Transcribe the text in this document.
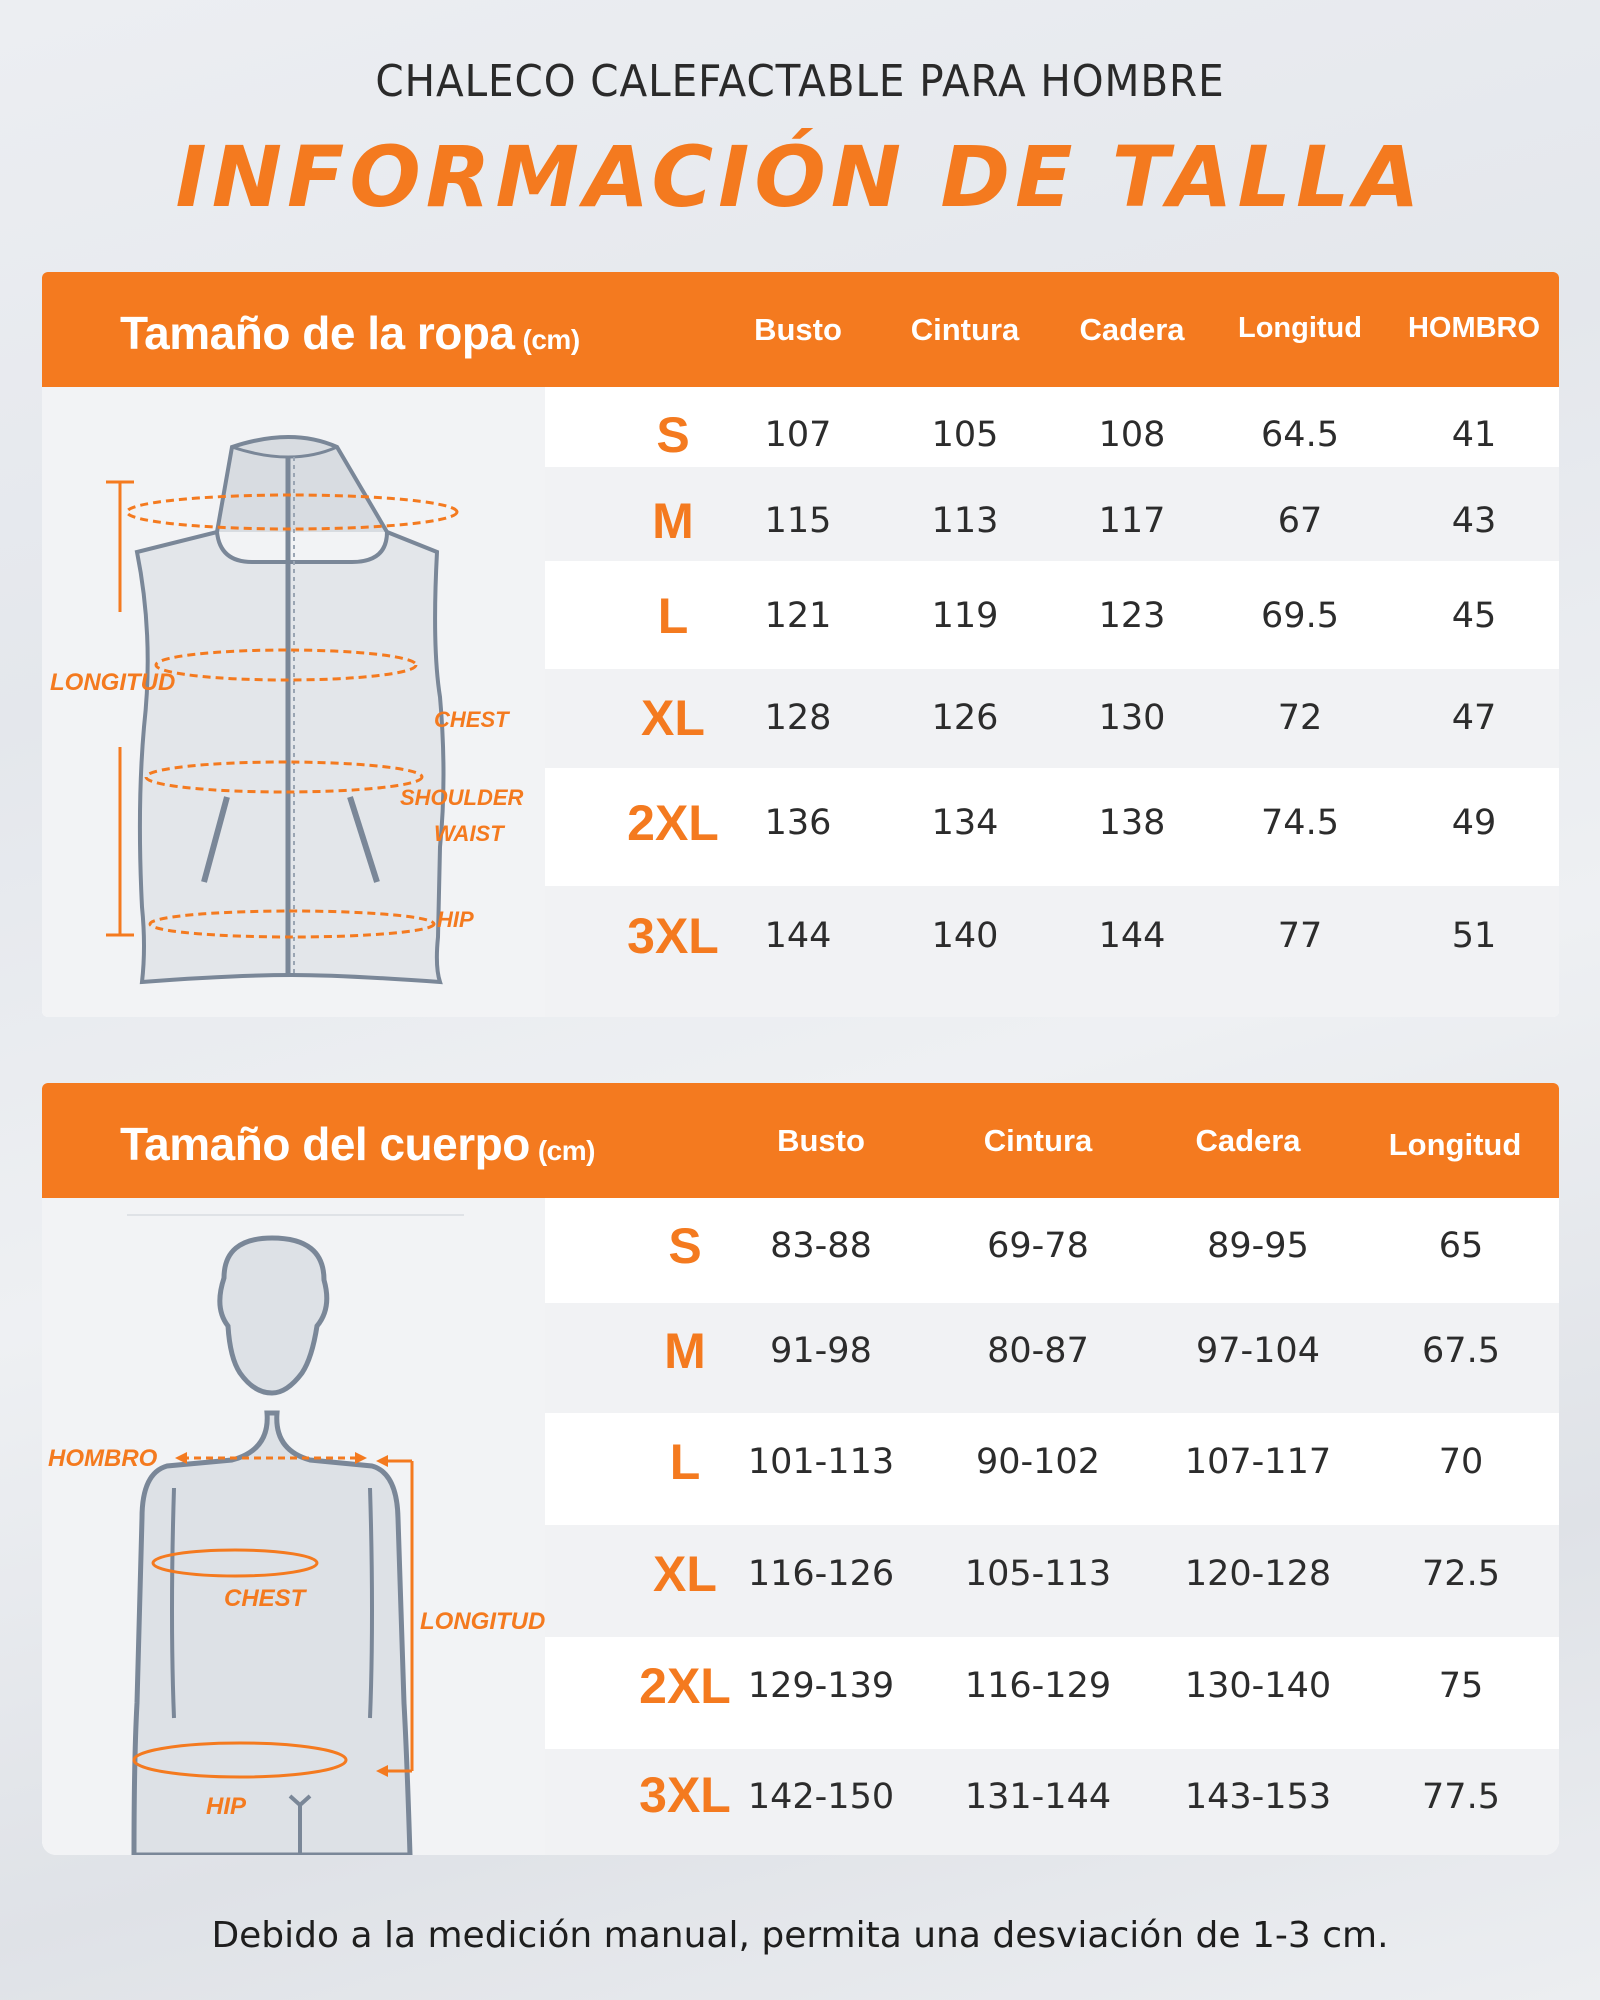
CHALECO CALEFACTABLE PARA HOMBRE
INFORMACIÓN DE TALLA
Tamaño de la ropa (cm)	Busto	Cintura	Cadera	Longitud	HOMBRO
SHOULDER
CHEST
WAIST
HIP
LONGITUD
S	107	105	108	64.5	41
M	115	113	117	67	43
L	121	119	123	69.5	45
XL	128	126	130	72	47
2XL	136	134	138	74.5	49
3XL	144	140	144	77	51
Tamaño del cuerpo (cm)	Busto	Cintura	Cadera	Longitud
HOMBRO
CHEST
LONGITUD
HIP
S	83-88	69-78	89-95	65
M	91-98	80-87	97-104	67.5
L	101-113	90-102	107-117	70
XL 116-126	105-113	120-128	72.5
2XL 129-139	116-129	130-140	75
3XL 142-150	131-144	143-153	77.5
Debido a la medición manual, permita una desviación de 1-3 cm.
